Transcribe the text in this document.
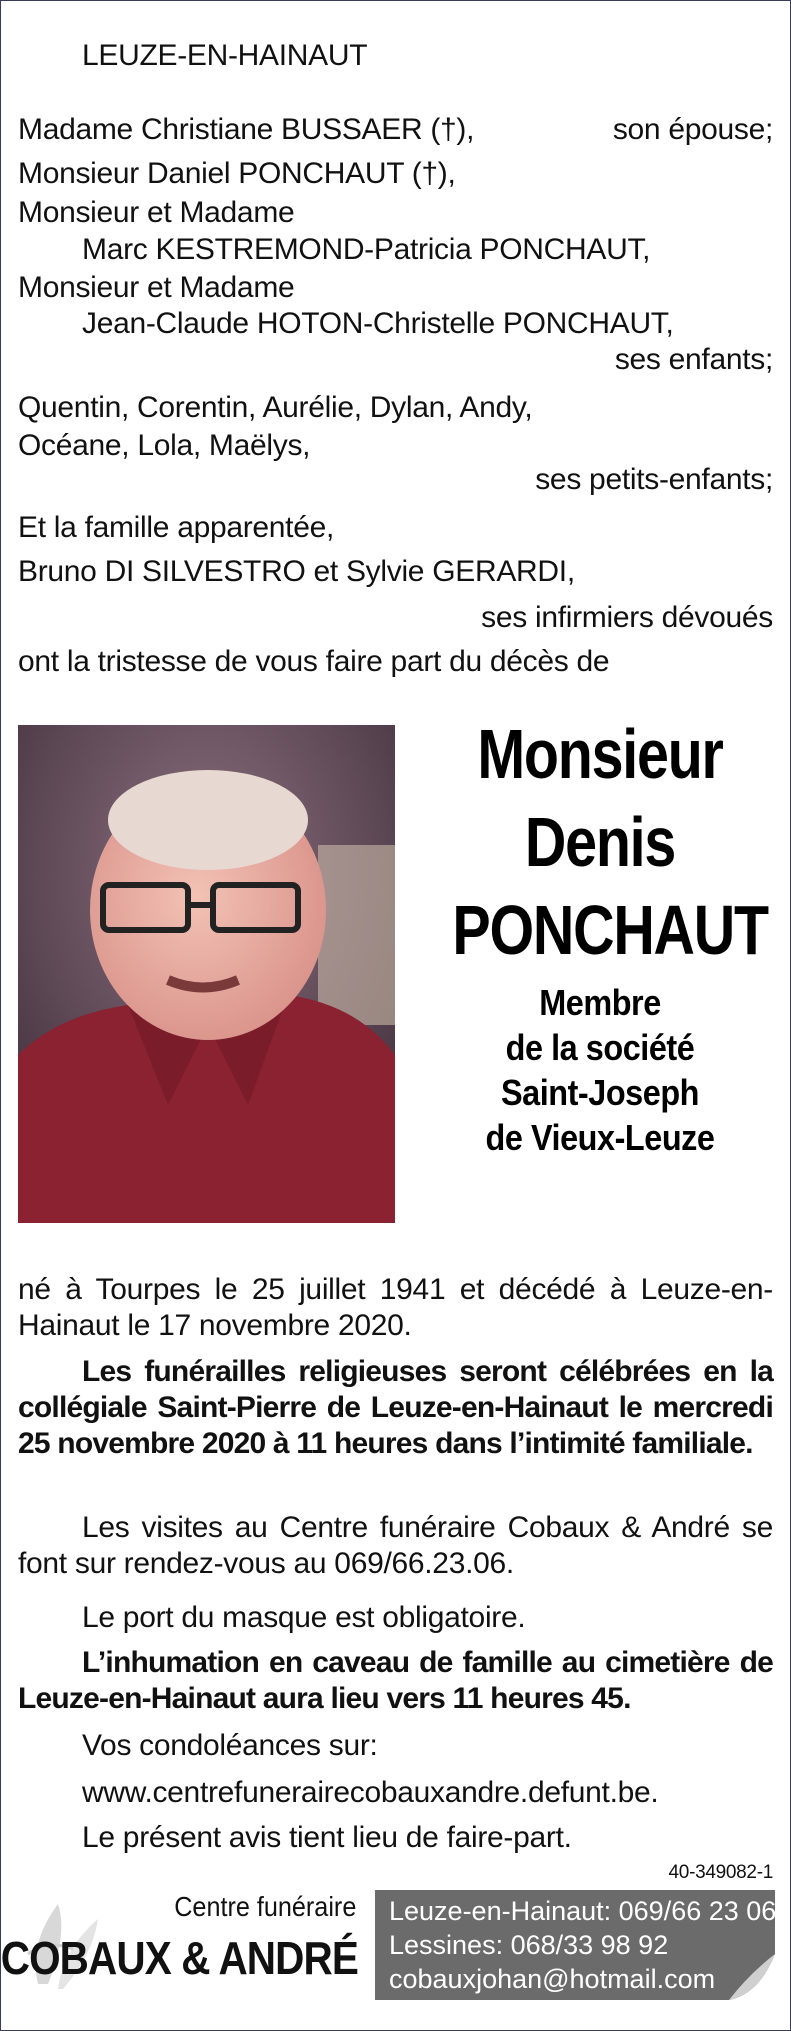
LEUZE-EN-HAINAUT
Madame Christiane BUSSAER (†),	son épouse;
Monsieur Daniel PONCHAUT (†),
Monsieur et Madame
Marc KESTREMOND-Patricia PONCHAUT,
Monsieur et Madame
Jean-Claude HOTON-Christelle PONCHAUT,
ses enfants;
Quentin, Corentin, Aurélie, Dylan, Andy,
Océane, Lola, Maëlys,
ses petits-enfants;
Et la famille apparentée,
Bruno DI SILVESTRO et Sylvie GERARDI,
ses infirmiers dévoués
ont la tristesse de vous faire part du décès de
Monsieur
Denis
PONCHAUT
Membre
de la société
Saint-Joseph
de Vieux-Leuze
né à Tourpes le 25 juillet 1941 et décédé à Leuze-en-Hainaut le 17 novembre 2020.
Les funérailles religieuses seront célébrées en la collégiale Saint-Pierre de Leuze-en-Hainaut le mercredi 25 novembre 2020 à 11 heures dans l’intimité familiale.
Les visites au Centre funéraire Cobaux & André se font sur rendez-vous au 069/66.23.06.
Le port du masque est obligatoire.
L’inhumation en caveau de famille au cimetière de Leuze-en-Hainaut aura lieu vers 11 heures 45.
Vos condoléances sur:
www.centrefunerairecobauxandre.defunt.be.
Le présent avis tient lieu de faire-part.
40-349082-1
Centre funéraire
COBAUX & ANDRÉ
Leuze-en-Hainaut: 069/66 23 06
Lessines: 068/33 98 92
cobauxjohan@hotmail.com
